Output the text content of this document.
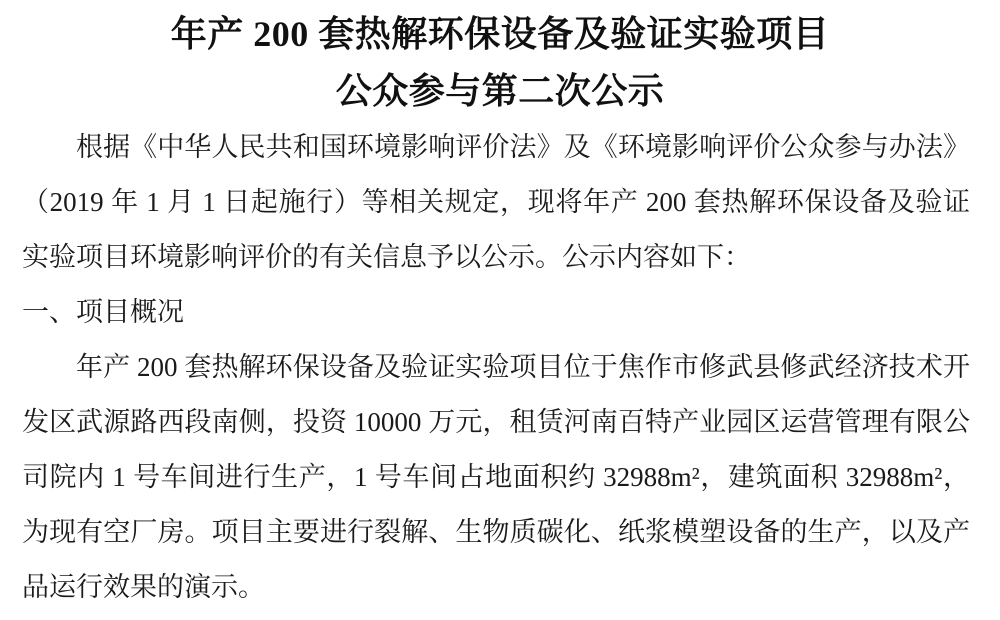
年产 200 套热解环保设备及验证实验项目
公众参与第二次公示

根据《中华人民共和国环境影响评价法》及《环境影响评价公众参与办法》（2019 年 1 月 1 日起施行）等相关规定，现将年产 200 套热解环保设备及验证实验项目环境影响评价的有关信息予以公示。公示内容如下：

一、项目概况

年产 200 套热解环保设备及验证实验项目位于焦作市修武县修武经济技术开发区武源路西段南侧，投资 10000 万元，租赁河南百特产业园区运营管理有限公司院内 1 号车间进行生产，1 号车间占地面积约 32988m²，建筑面积 32988m²，为现有空厂房。项目主要进行裂解、生物质碳化、纸浆模塑设备的生产，以及产品运行效果的演示。
